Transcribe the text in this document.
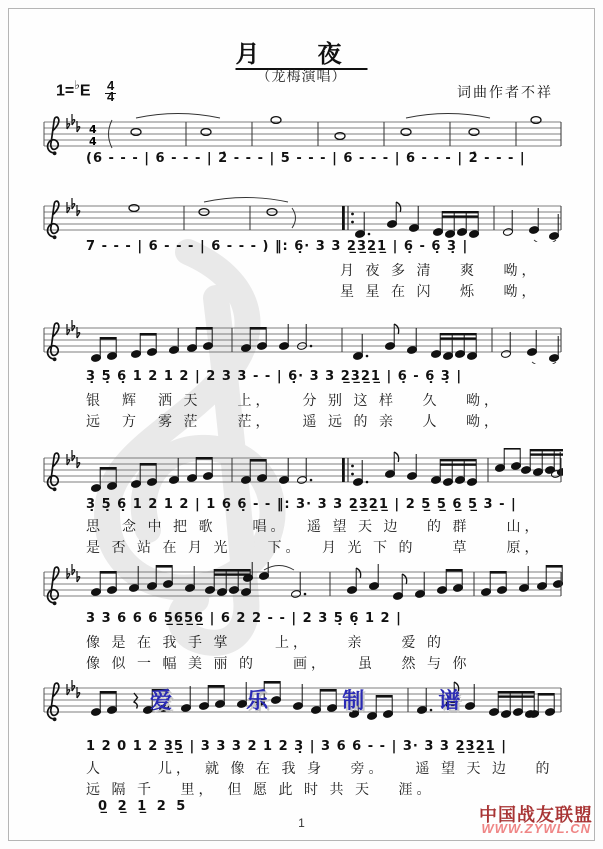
月 夜
（龙梅演唱）
1=♭E 4
4	词曲作者不祥
4
4
(6 - - - | 6 - - - | 2̇ - - - | 5 - - - | 6 - - - | 6 - - - | 2̇ - - - |
7 - - - | 6 - - - | 6 - - - ) ‖: 6̣· 3 3 2̲3̲2̲1̲ | 6̣ - 6̣ 3̣ |
月 夜 多 清　 爽　 呦，
星 星 在 闪　 烁　 呦，
3̣ 5̣ 6̣ 1 2 1 2 | 2 3 3 - - | 6̣· 3 3 2̲3̲2̲1̲ | 6̣ - 6̣ 3̣ |
银　辉　洒 天　　上，　　分 别 这 样　 久　 呦，
远　方　雾 茫　　茫，　　遥 远 的 亲　 人　 呦，
3̣ 5̣ 6̣ 1 2 1 2 | 1 6̣ 6̣ - - ‖: 3· 3 3 2̲3̲2̲1̲ | 2 5̲ 5̲ 6̲ 5̲ 3 - |
思　念 中 把 歌　　唱。　 遥 望 天 边　 的 群　　山，
是 否 站 在 月 光　　下。　 月 光 下 的　　草　　原，
3 3 6 6 6 5̲6̲5̲6̲ | 6 2 2 - - | 2 3 5̣ 6̣ 1 2 |
像 是 在 我 手 掌　　 上，　　 亲　　爱 的
像 似 一 幅 美 丽 的　　画，　　虽　 然 与 你
1 2 0 1 2 3̲5̲ | 3 3 3 2 1 2 3̣ | 3 6 6 - - | 3· 3 3 2̲3̲2̲1̲ |
人　　　儿，　就 像 在 我 身　 旁。　　遥 望 天 边　 的
远 隔 千　 里，　但 愿 此 时 共 天　 涯。
0̲ 2̲ 1̲ 2 5
爱 乐 制 谱
1	中国战友联盟
WWW.ZYWL.CN
